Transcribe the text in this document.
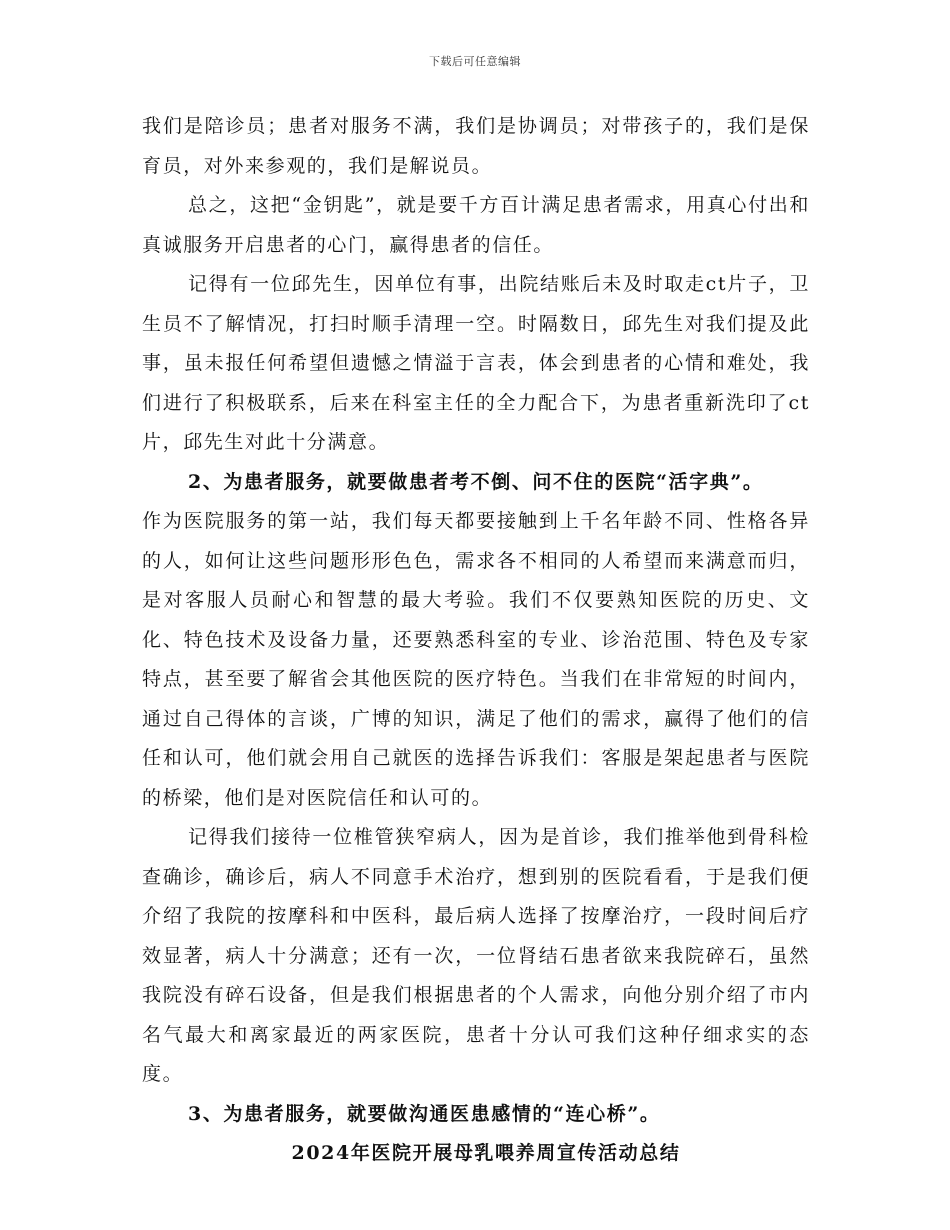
下载后可任意编辑

我们是陪诊员；患者对服务不满，我们是协调员；对带孩子的，我们是保育员，对外来参观的，我们是解说员。

总之，这把“金钥匙”，就是要千方百计满足患者需求，用真心付出和真诚服务开启患者的心门，赢得患者的信任。

记得有一位邱先生，因单位有事，出院结账后未及时取走ct片子，卫生员不了解情况，打扫时顺手清理一空。时隔数日，邱先生对我们提及此事，虽未报任何希望但遗憾之情溢于言表，体会到患者的心情和难处，我们进行了积极联系，后来在科室主任的全力配合下，为患者重新洗印了ct片，邱先生对此十分满意。

2、为患者服务，就要做患者考不倒、问不住的医院“活字典”。

作为医院服务的第一站，我们每天都要接触到上千名年龄不同、性格各异的人，如何让这些问题形形色色，需求各不相同的人希望而来满意而归，是对客服人员耐心和智慧的最大考验。我们不仅要熟知医院的历史、文化、特色技术及设备力量，还要熟悉科室的专业、诊治范围、特色及专家特点，甚至要了解省会其他医院的医疗特色。当我们在非常短的时间内，通过自己得体的言谈，广博的知识，满足了他们的需求，赢得了他们的信任和认可，他们就会用自己就医的选择告诉我们：客服是架起患者与医院的桥梁，他们是对医院信任和认可的。

记得我们接待一位椎管狭窄病人，因为是首诊，我们推举他到骨科检查确诊，确诊后，病人不同意手术治疗，想到别的医院看看，于是我们便介绍了我院的按摩科和中医科，最后病人选择了按摩治疗，一段时间后疗效显著，病人十分满意；还有一次，一位肾结石患者欲来我院碎石，虽然我院没有碎石设备，但是我们根据患者的个人需求，向他分别介绍了市内名气最大和离家最近的两家医院，患者十分认可我们这种仔细求实的态度。

3、为患者服务，就要做沟通医患感情的“连心桥”。

2024年医院开展母乳喂养周宣传活动总结
